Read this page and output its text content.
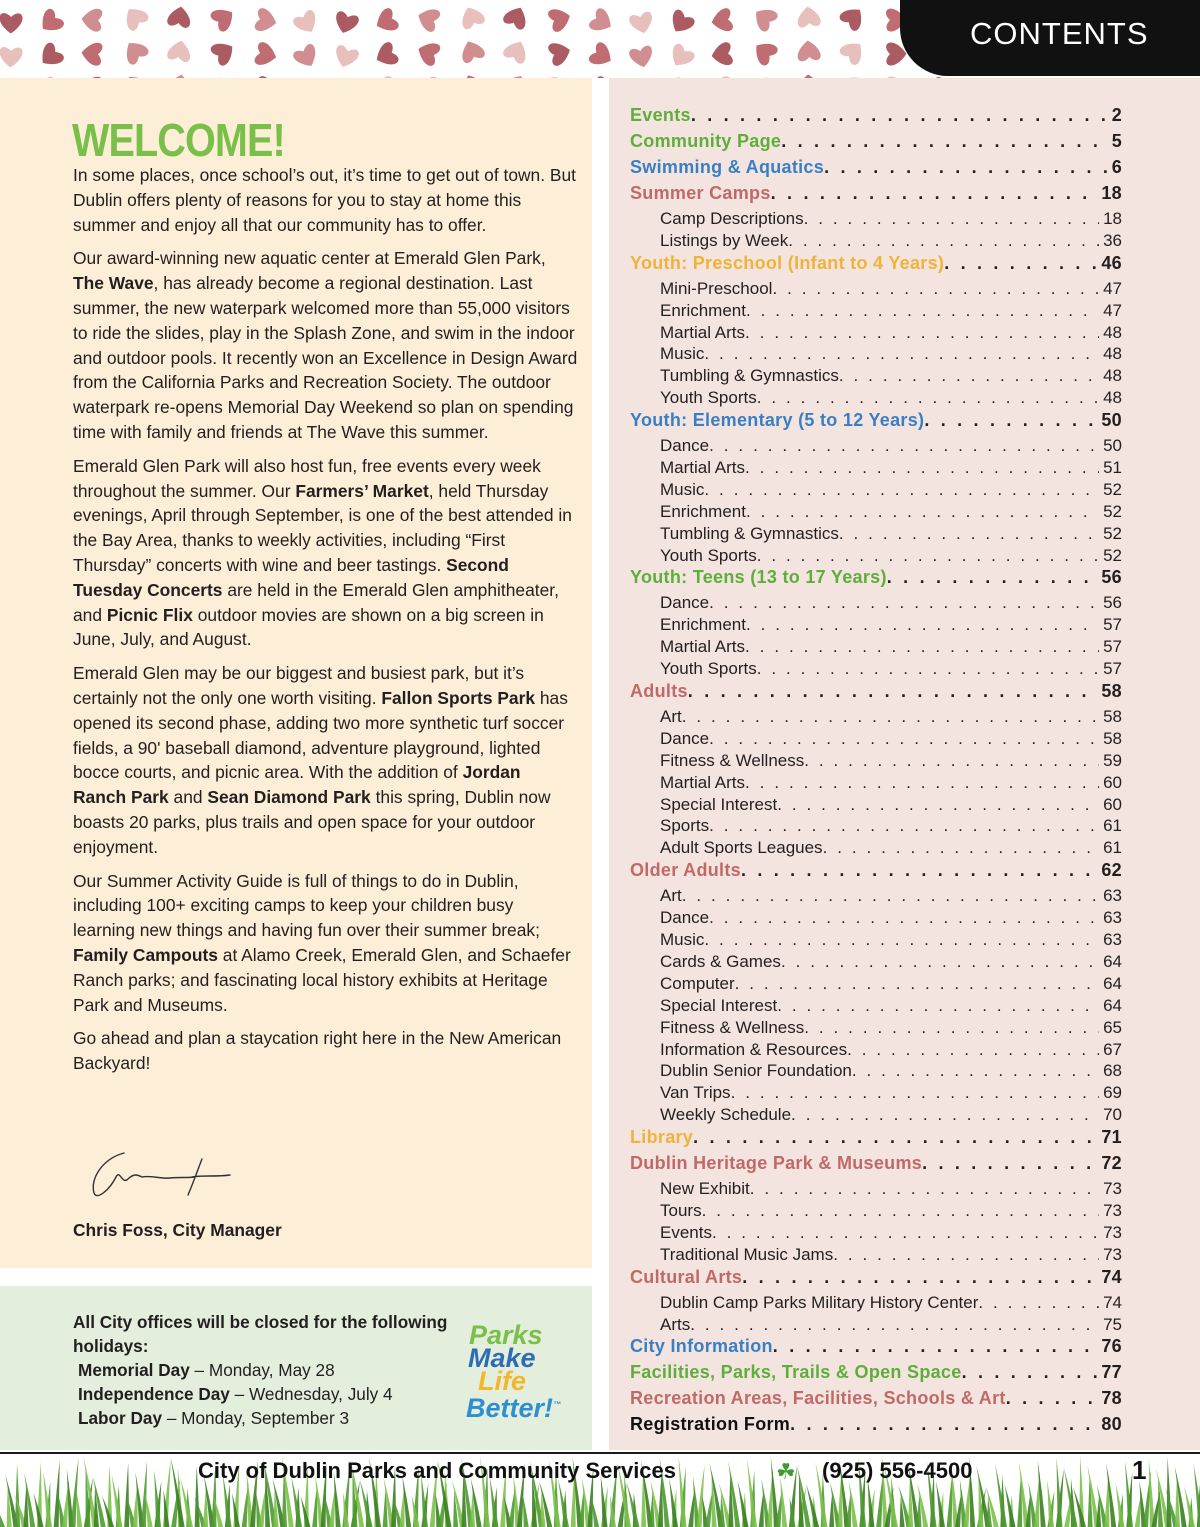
CONTENTS
WELCOME!

In some places, once school’s out, it’s time to get out of town. But Dublin offers plenty of reasons for you to stay at home this summer and enjoy all that our community has to offer.

Our award-winning new aquatic center at Emerald Glen Park, The Wave, has already become a regional destination. Last summer, the new waterpark welcomed more than 55,000 visitors to ride the slides, play in the Splash Zone, and swim in the indoor and outdoor pools. It recently won an Excellence in Design Award from the California Parks and Recreation Society. The outdoor waterpark re-opens Memorial Day Weekend so plan on spending time with family and friends at The Wave this summer.

Emerald Glen Park will also host fun, free events every week throughout the summer. Our Farmers’ Market, held Thursday evenings, April through September, is one of the best attended in the Bay Area, thanks to weekly activities, including “First Thursday” concerts with wine and beer tastings. Second Tuesday Concerts are held in the Emerald Glen amphitheater, and Picnic Flix outdoor movies are shown on a big screen in June, July, and August.

Emerald Glen may be our biggest and busiest park, but it’s certainly not the only one worth visiting. Fallon Sports Park has opened its second phase, adding two more synthetic turf soccer fields, a 90' baseball diamond, adventure playground, lighted bocce courts, and picnic area. With the addition of Jordan Ranch Park and Sean Diamond Park this spring, Dublin now boasts 20 parks, plus trails and open space for your outdoor enjoyment.

Our Summer Activity Guide is full of things to do in Dublin, including 100+ exciting camps to keep your children busy learning new things and having fun over their summer break; Family Campouts at Alamo Creek, Emerald Glen, and Schaefer Ranch parks; and fascinating local history exhibits at Heritage Park and Museums.

Go ahead and plan a staycation right here in the New American Backyard!

Chris Foss, City Manager
All City offices will be closed for the following holidays:
Memorial Day – Monday, May 28
Independence Day – Wednesday, July 4
Labor Day – Monday, September 3
Parks
Make
Life
Better!™
Events . . .	2
Community Page . . .	5
Swimming & Aquatics . . .	6
Summer Camps . . .	18
Camp Descriptions . . .	18
Listings by Week . . .	36
Youth: Preschool (Infant to 4 Years) . . .	46
Mini-Preschool . . .	47
Enrichment . . .	47
Martial Arts . . .	48
Music . . .	48
Tumbling & Gymnastics . . .	48
Youth Sports . . .	48
Youth: Elementary (5 to 12 Years) . . .	50
Dance . . .	50
Martial Arts . . .	51
Music . . .	52
Enrichment . . .	52
Tumbling & Gymnastics . . .	52
Youth Sports . . .	52
Youth: Teens (13 to 17 Years) . . .	56
Dance . . .	56
Enrichment . . .	57
Martial Arts . . .	57
Youth Sports . . .	57
Adults . . .	58
Art . . .	58
Dance . . .	58
Fitness & Wellness . . .	59
Martial Arts . . .	60
Special Interest . . .	60
Sports . . .	61
Adult Sports Leagues . . .	61
Older Adults . . .	62
Art . . .	63
Dance . . .	63
Music . . .	63
Cards & Games . . .	64
Computer . . .	64
Special Interest . . .	64
Fitness & Wellness . . .	65
Information & Resources . . .	67
Dublin Senior Foundation . . .	68
Van Trips . . .	69
Weekly Schedule . . .	70
Library . . .	71
Dublin Heritage Park & Museums . . .	72
New Exhibit . . .	73
Tours . . .	73
Events . . .	73
Traditional Music Jams . . .	73
Cultural Arts . . .	74
Dublin Camp Parks Military History Center . . .	74
Arts . . .	75
City Information . . .	76
Facilities, Parks, Trails & Open Space . . .	77
Recreation Areas, Facilities, Schools & Art . . .	78
Registration Form . . .	80
City of Dublin Parks and Community Services	☘ (925) 556-4500	1
